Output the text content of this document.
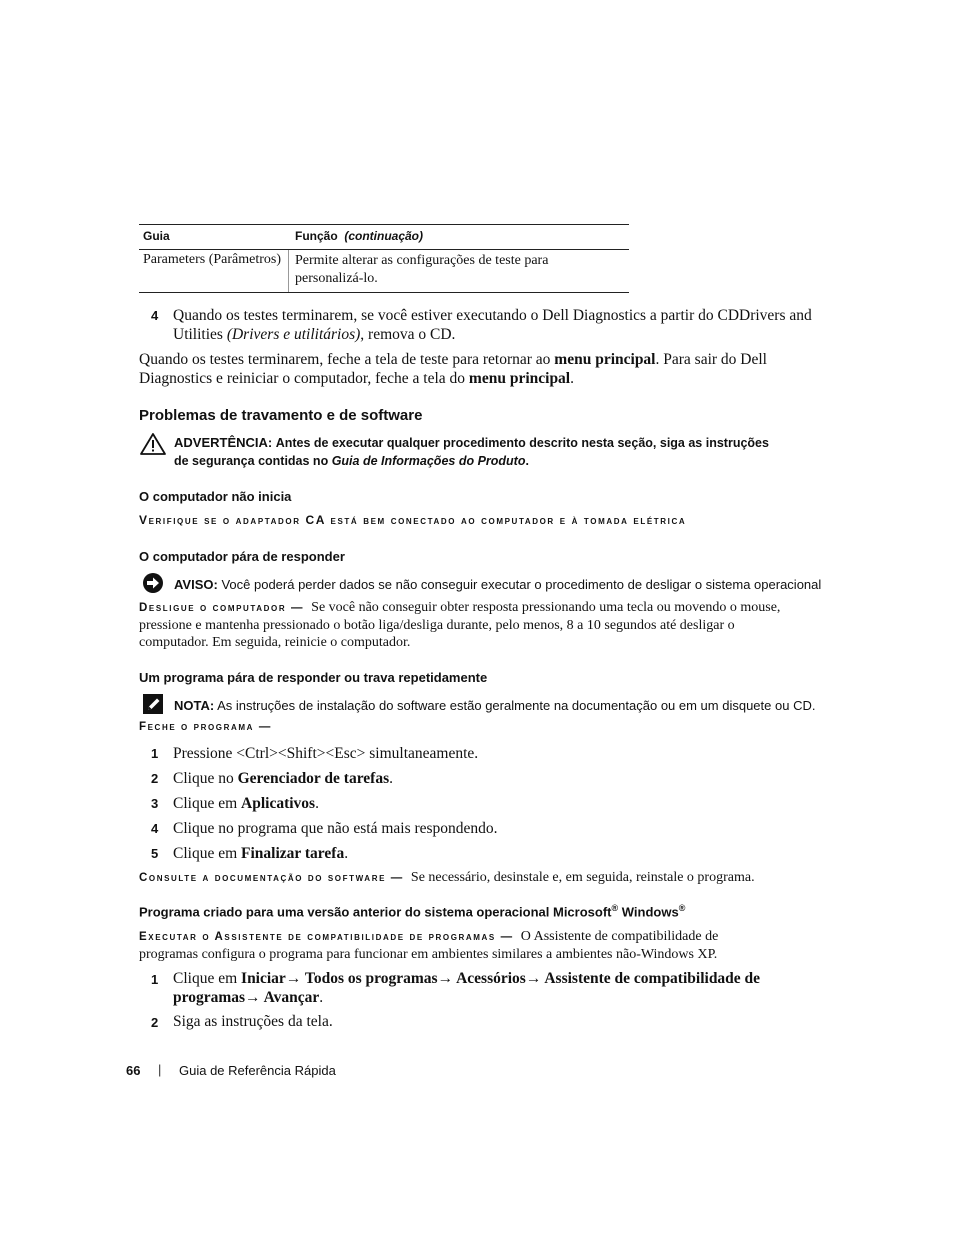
Guia	Função (continuação)
Parameters (Parâmetros) Permite alterar as configurações de teste para personalizá-lo.
4 Quando os testes terminarem, se você estiver executando o Dell Diagnostics a partir do CDDrivers and Utilities (Drivers e utilitários), remova o CD.
Quando os testes terminarem, feche a tela de teste para retornar ao menu principal. Para sair do Dell Diagnostics e reiniciar o computador, feche a tela do menu principal.
Problemas de travamento e de software
ADVERTÊNCIA: Antes de executar qualquer procedimento descrito nesta seção, siga as instruções de segurança contidas no Guia de Informações do Produto.
O computador não inicia
Verifique se o adaptador CA está bem conectado ao computador e à tomada elétrica
O computador pára de responder
AVISO: Você poderá perder dados se não conseguir executar o procedimento de desligar o sistema operacional
Desligue o computador — Se você não conseguir obter resposta pressionando uma tecla ou movendo o mouse,
pressione e mantenha pressionado o botão liga/desliga durante, pelo menos, 8 a 10 segundos até desligar o
computador. Em seguida, reinicie o computador.
Um programa pára de responder ou trava repetidamente
NOTA: As instruções de instalação do software estão geralmente na documentação ou em um disquete ou CD.
Feche o programa —
1 Pressione <Ctrl><Shift><Esc> simultaneamente.
2 Clique no Gerenciador de tarefas.
3 Clique em Aplicativos.
4 Clique no programa que não está mais respondendo.
5 Clique em Finalizar tarefa.
Consulte a documentação do software — Se necessário, desinstale e, em seguida, reinstale o programa.
Programa criado para uma versão anterior do sistema operacional Microsoft® Windows®
Executar o Assistente de compatibilidade de programas — O Assistente de compatibilidade de
programas configura o programa para funcionar em ambientes similares a ambientes não-Windows XP.
1 Clique em Iniciar→ Todos os programas→ Acessórios→ Assistente de compatibilidade de
programas→ Avançar.
2 Siga as instruções da tela.
66 | Guia de Referência Rápida
